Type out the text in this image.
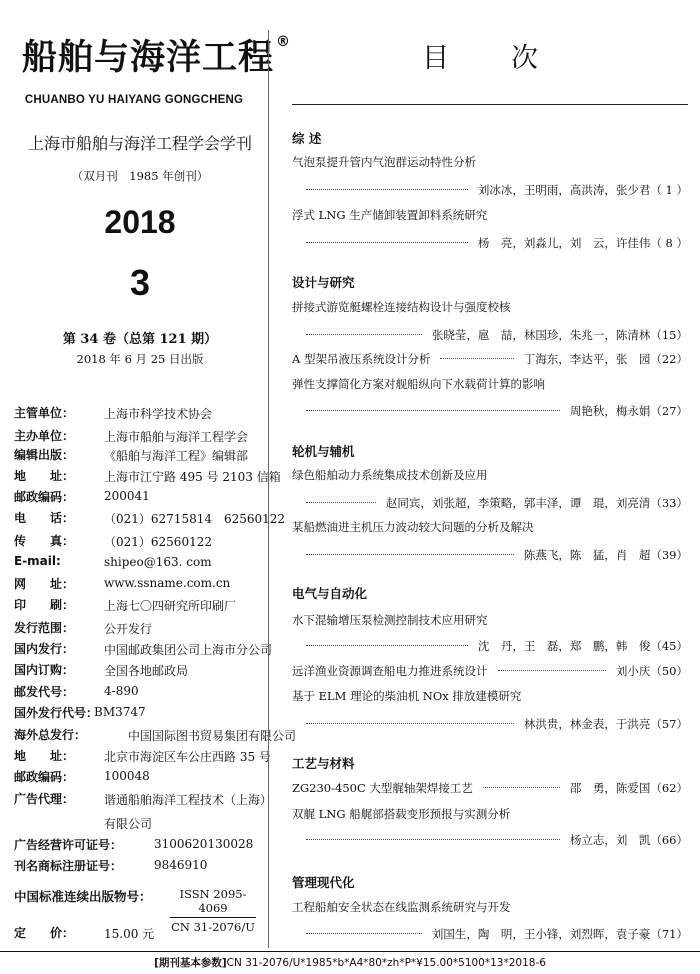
船舶与海洋工程 ®
CHUANBO YU HAIYANG GONGCHENG
上海市船舶与海洋工程学会学刊
（双月刊　1985 年创刊）
2018
3
第 34 卷（总第 121 期）
2018 年 6 月 25 日出版
主管单位： 上海市科学技术协会
主办单位： 上海市船舶与海洋工程学会
编辑出版： 《船舶与海洋工程》编辑部
地　　址： 上海市江宁路 495 号 2103 信箱
邮政编码： 200041
电　　话： （021）62715814　62560122
传　　真： （021）62560122
E-mail:	shipeo@163. com
网　　址： www.ssname.com.cn
印　　刷： 上海七〇四研究所印刷厂
发行范围： 公开发行
国内发行： 中国邮政集团公司上海市分公司
国内订购： 全国各地邮政局
邮发代号： 4-890
国外发行代号：
BM3747
海外总发行：	中国国际图书贸易集团有限公司
地　　址： 北京市海淀区车公庄西路 35 号
邮政编码： 100048
广告代理： 谐通船舶海洋工程技术（上海）
有限公司
广告经营许可证号：	3100620130028
刊名商标注册证号：	9846910
中国标准连续出版物号：
定　　价： 15.00 元
ISSN 2095-4069
CN 31-2076/U
目 次
综 述
气泡泵提升管内气泡群运动特性分析
刘冰冰，王明雨，高洪涛，张少君（ 1 ）
浮式 LNG 生产储卸装置卸料系统研究
杨　亮，刘淼儿，刘　云，许佳伟（ 8 ）
设计与研究
拼接式游览艇螺栓连接结构设计与强度校核
张晓莹，扈　喆，林国珍，朱兆一，陈清林（15）
A 型架吊液压系统设计分析	丁海东，李达平，张　园（22）
弹性支撑简化方案对舰船纵向下水载荷计算的影响
周艳秋，梅永娟（27）
轮机与辅机
绿色船舶动力系统集成技术创新及应用
赵同宾，刘张超，李策略，郭丰泽，谭　琨，刘亮清（33）
某船燃油进主机压力波动较大问题的分析及解决
陈燕飞，陈　猛，肖　超（39）
电气与自动化
水下混输增压泵检测控制技术应用研究
沈　丹，王　磊，郑　鹏，韩　俊（45）
远洋渔业资源调查船电力推进系统设计	刘小庆（50）
基于 ELM 理论的柴油机 NOx 排放建模研究
林洪贵，林金表，于洪亮（57）
工艺与材料
ZG230-450C 大型艉轴架焊接工艺	邵　勇，陈爱国（62）
双艉 LNG 船艉部搭载变形预报与实测分析
杨立志，刘　凯（66）
管理现代化
工程船舶安全状态在线监测系统研究与开发
刘国生，陶　明，王小锋，刘烈晖，袁子豪（71）
[期刊基本参数]CN 31-2076/U*1985*b*A4*80*zh*P*¥15.00*5100*13*2018-6
